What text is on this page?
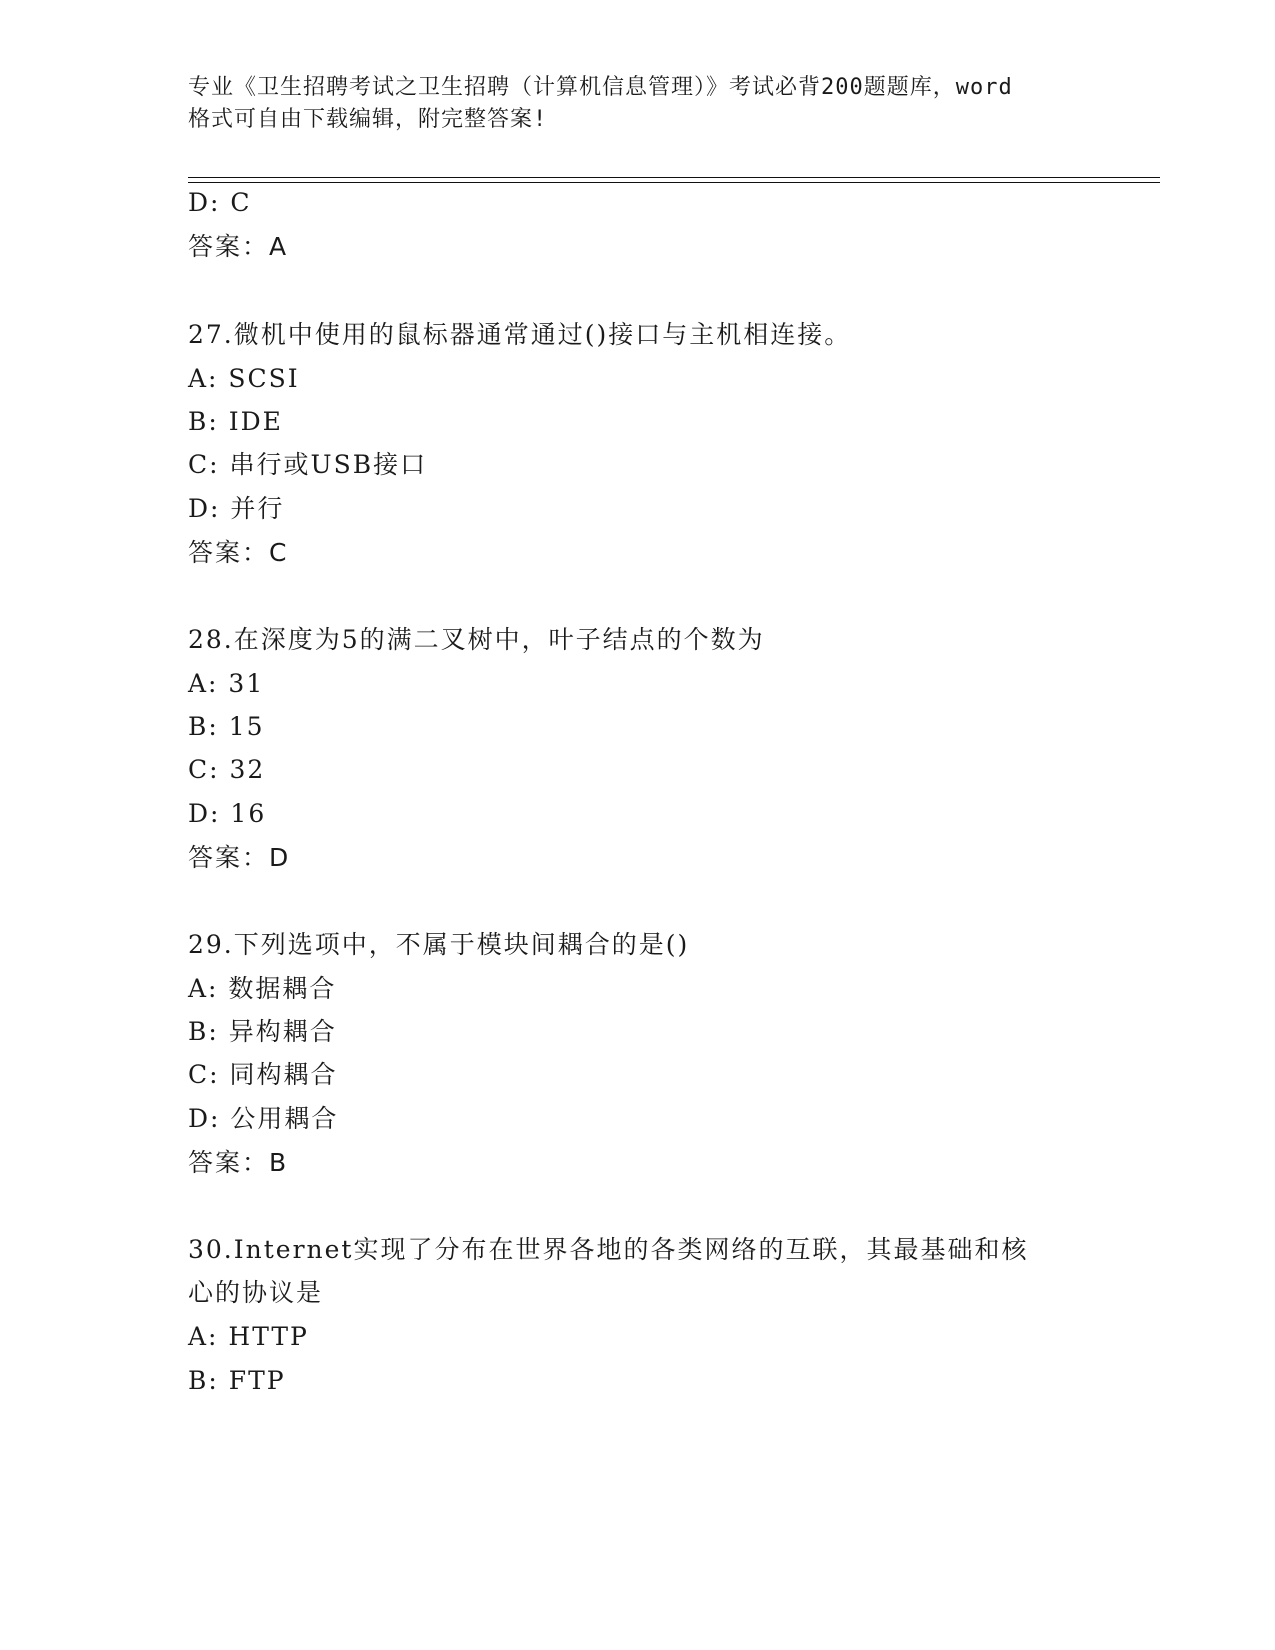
专业《卫生招聘考试之卫生招聘（计算机信息管理）》考试必背200题题库，word
格式可自由下载编辑，附完整答案!
D: C
答案：A
27.微机中使用的鼠标器通常通过()接口与主机相连接。
A: SCSI
B: IDE
C: 串行或USB接口
D: 并行
答案：C
28.在深度为5的满二叉树中，叶子结点的个数为
A: 31
B: 15
C: 32
D: 16
答案：D
29.下列选项中，不属于模块间耦合的是()
A: 数据耦合
B: 异构耦合
C: 同构耦合
D: 公用耦合
答案：B
30.Internet实现了分布在世界各地的各类网络的互联，其最基础和核
心的协议是
A: HTTP
B: FTP
